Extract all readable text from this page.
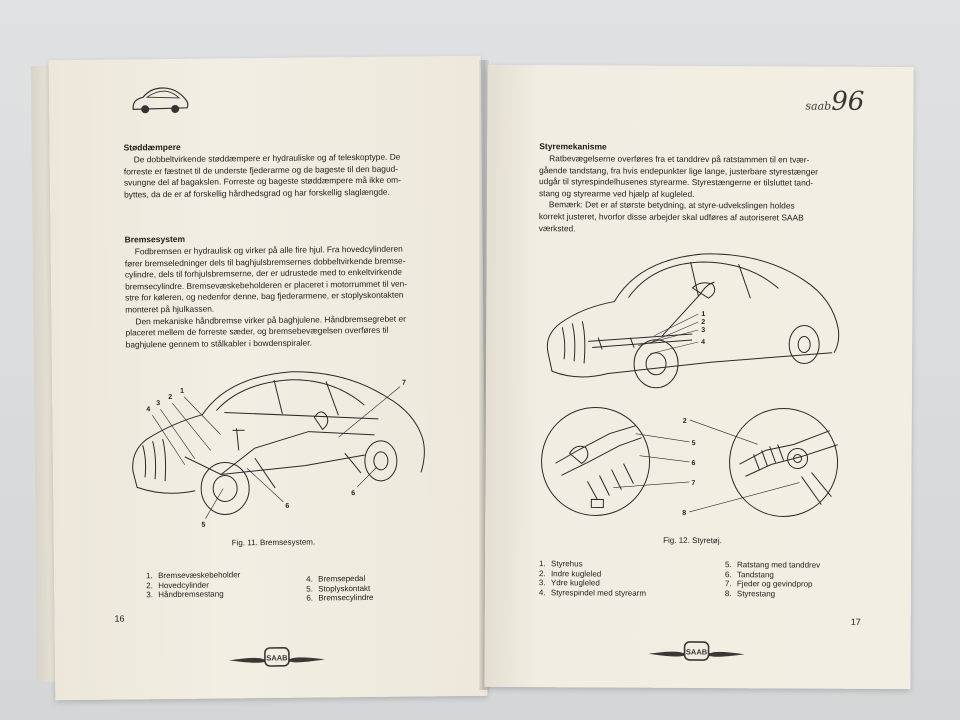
Støddæmpere

De dobbeltvirkende støddæmpere er hydrauliske og af teleskoptype. De
forreste er fæstnet til de underste fjederarme og de bageste til den bagud-
svungne del af bagakslen. Forreste og bageste støddæmpere må ikke om-
byttes, da de er af forskellig hårdhedsgrad og har forskellig slaglængde.

Bremsesystem

Fodbremsen er hydraulisk og virker på alle fire hjul. Fra hovedcylinderen
fører bremseledninger dels til baghjulsbremsernes dobbeltvirkende bremse-
cylindre, dels til forhjulsbremserne, der er udrustede med to enkeltvirkende
bremsecylindre. Bremsevæskebeholderen er placeret i motorrummet til ven-
stre for køleren, og nedenfor denne, bag fjederarmene, er stoplyskontakten
monteret på hjulkassen.
Den mekaniske håndbremse virker på baghjulene. Håndbremsegrebet er
placeret mellem de forreste sæder, og bremsebevægelsen overføres til
baghjulene gennem to stålkabler i bowdenspiraler.

1
2
3
4
5
6
6
7
Fig. 11. Bremsesystem.
1. Bremsevæskebeholder
2. Hovedcylinder
3. Håndbremsestang
4. Bremsepedal
5. Stoplyskontakt
6. Bremsecylindre
16
SAAB
saab96
Styremekanisme

Ratbevægelserne overføres fra et tanddrev på ratstammen til en tvær-
gående tandstang, fra hvis endepunkter lige lange, justerbare styrestænger
udgår til styrespindelhusenes styrearme. Styrestængerne er tilsluttet tand-
stang og styrearme ved hjælp af kugleled.
Bemærk: Det er af største betydning, at styre-udvekslingen holdes
korrekt justeret, hvorfor disse arbejder skal udføres af autoriseret SAAB
værksted.

1
2
3
4
2
5
6
7
8
Fig. 12. Styretøj.
1. Styrehus
2. Indre kugleled
3. Ydre kugleled
4. Styrespindel med styrearm
5. Ratstang med tanddrev
6. Tandstang
7. Fjeder og gevindprop
8. Styrestang
17
SAAB
